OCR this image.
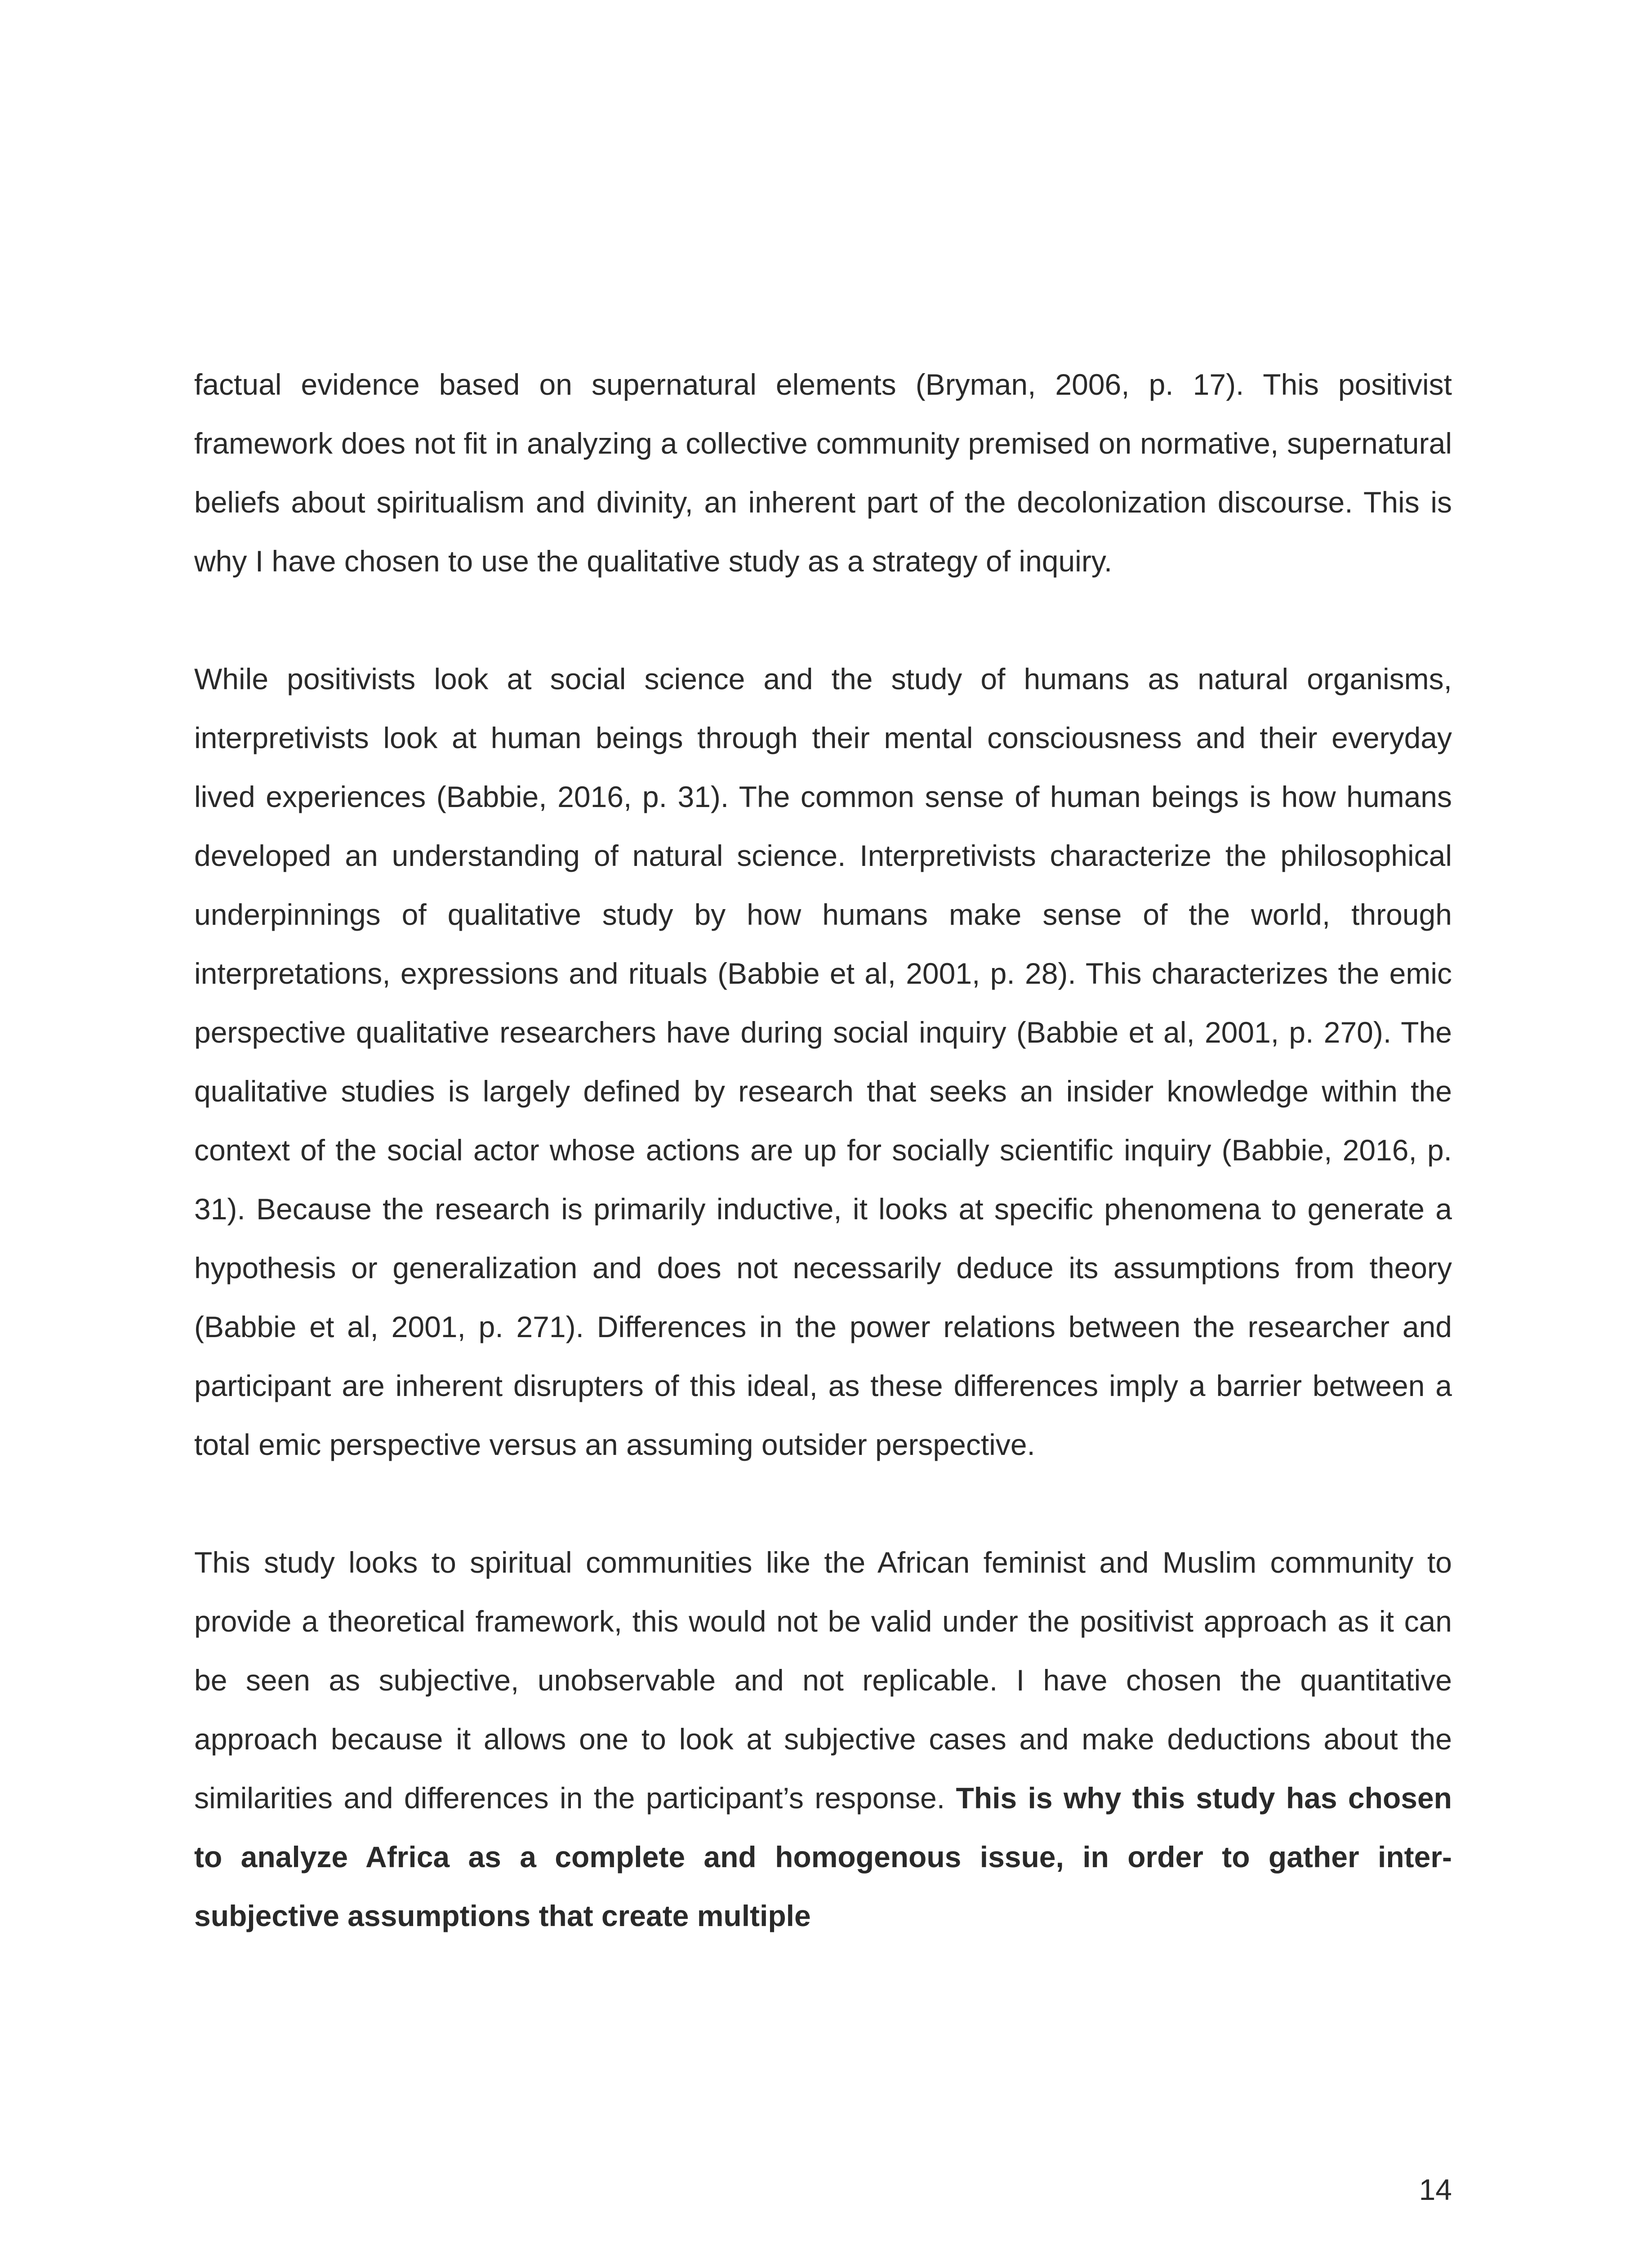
factual evidence based on supernatural elements (Bryman, 2006, p. 17). This positivist framework does not fit in analyzing a collective community premised on normative, supernatural beliefs about spiritualism and divinity, an inherent part of the decolonization discourse. This is why I have chosen to use the qualitative study as a strategy of inquiry.

While positivists look at social science and the study of humans as natural organisms, interpretivists look at human beings through their mental consciousness and their everyday lived experiences (Babbie, 2016, p. 31). The common sense of human beings is how humans developed an understanding of natural science. Interpretivists characterize the philosophical underpinnings of qualitative study by how humans make sense of the world, through interpretations, expressions and rituals (Babbie et al, 2001, p. 28). This characterizes the emic perspective qualitative researchers have during social inquiry (Babbie et al, 2001, p. 270). The qualitative studies is largely defined by research that seeks an insider knowledge within the context of the social actor whose actions are up for socially scientific inquiry (Babbie, 2016, p. 31). Because the research is primarily inductive, it looks at specific phenomena to generate a hypothesis or generalization and does not necessarily deduce its assumptions from theory (Babbie et al, 2001, p. 271). Differences in the power relations between the researcher and participant are inherent disrupters of this ideal, as these differences imply a barrier between a total emic perspective versus an assuming outsider perspective.

This study looks to spiritual communities like the African feminist and Muslim community to provide a theoretical framework, this would not be valid under the positivist approach as it can be seen as subjective, unobservable and not replicable. I have chosen the quantitative approach because it allows one to look at subjective cases and make deductions about the similarities and differences in the participant’s response. This is why this study has chosen to analyze Africa as a complete and homogenous issue, in order to gather inter-subjective assumptions that create multiple

14
